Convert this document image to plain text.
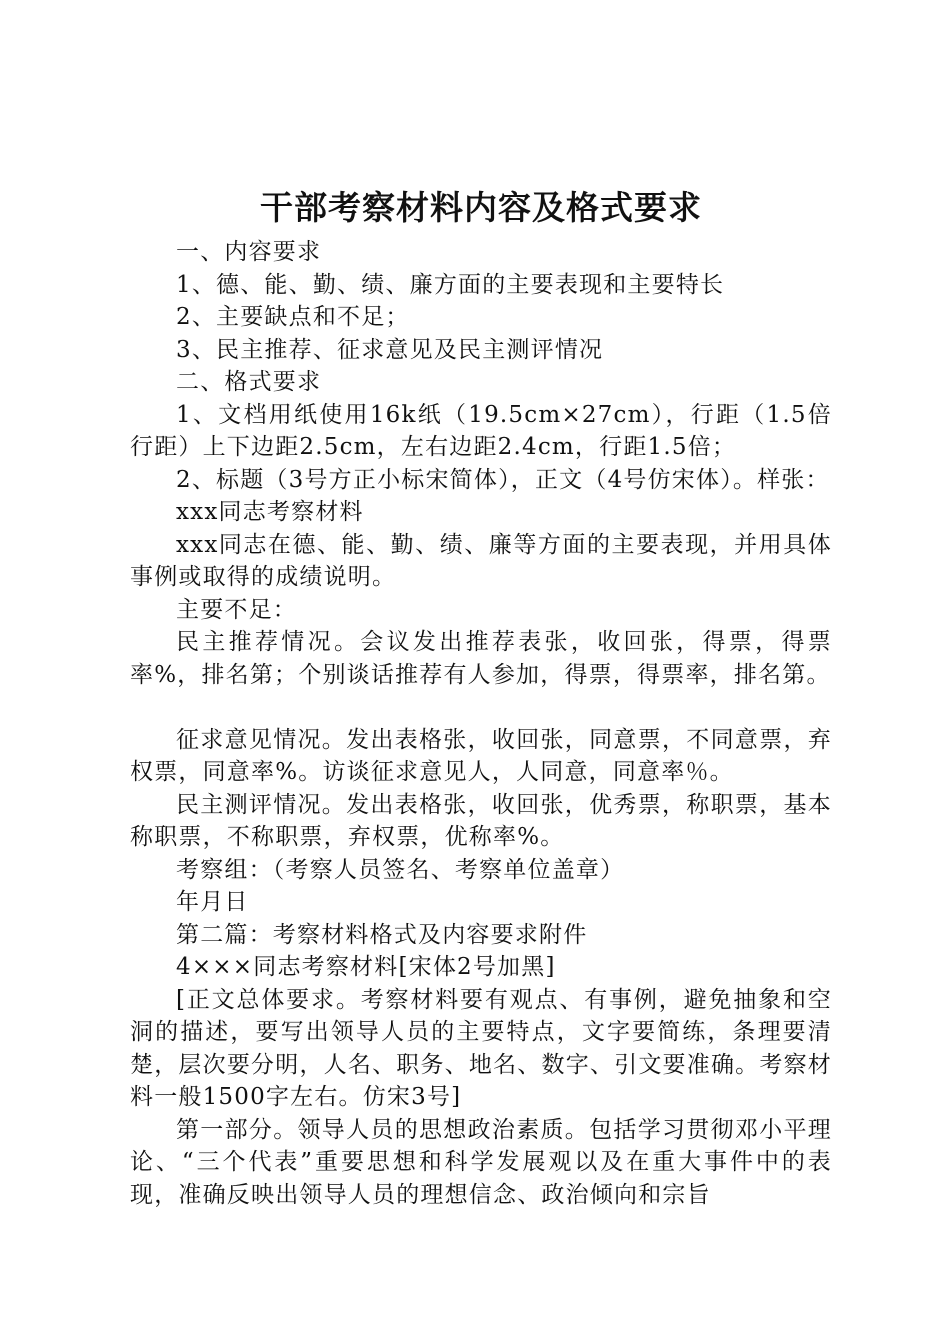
干部考察材料内容及格式要求

一、内容要求

1、德、能、勤、绩、廉方面的主要表现和主要特长

2、主要缺点和不足；

3、民主推荐、征求意见及民主测评情况

二、格式要求

1、文档用纸使用16k纸（19.5cm×27cm），行距（1.5倍行距）上下边距2.5cm，左右边距2.4cm，行距1.5倍；

2、标题（3号方正小标宋简体），正文（4号仿宋体）。样张：

xxx同志考察材料

xxx同志在德、能、勤、绩、廉等方面的主要表现，并用具体事例或取得的成绩说明。

主要不足：

民主推荐情况。会议发出推荐表张，收回张，得票，得票率%，排名第；个别谈话推荐有人参加，得票，得票率，排名第。

征求意见情况。发出表格张，收回张，同意票，不同意票，弃权票，同意率%。访谈征求意见人，人同意，同意率％。

民主测评情况。发出表格张，收回张，优秀票，称职票，基本称职票，不称职票，弃权票，优称率%。

考察组：（考察人员签名、考察单位盖章）

年月日

第二篇：考察材料格式及内容要求附件

4×××同志考察材料[宋体2号加黑]

[正文总体要求。考察材料要有观点、有事例，避免抽象和空洞的描述，要写出领导人员的主要特点，文字要简练，条理要清楚，层次要分明，人名、职务、地名、数字、引文要准确。考察材料一般1500字左右。仿宋3号]

第一部分。领导人员的思想政治素质。包括学习贯彻邓小平理论、“三个代表”重要思想和科学发展观以及在重大事件中的表现，准确反映出领导人员的理想信念、政治倾向和宗旨
